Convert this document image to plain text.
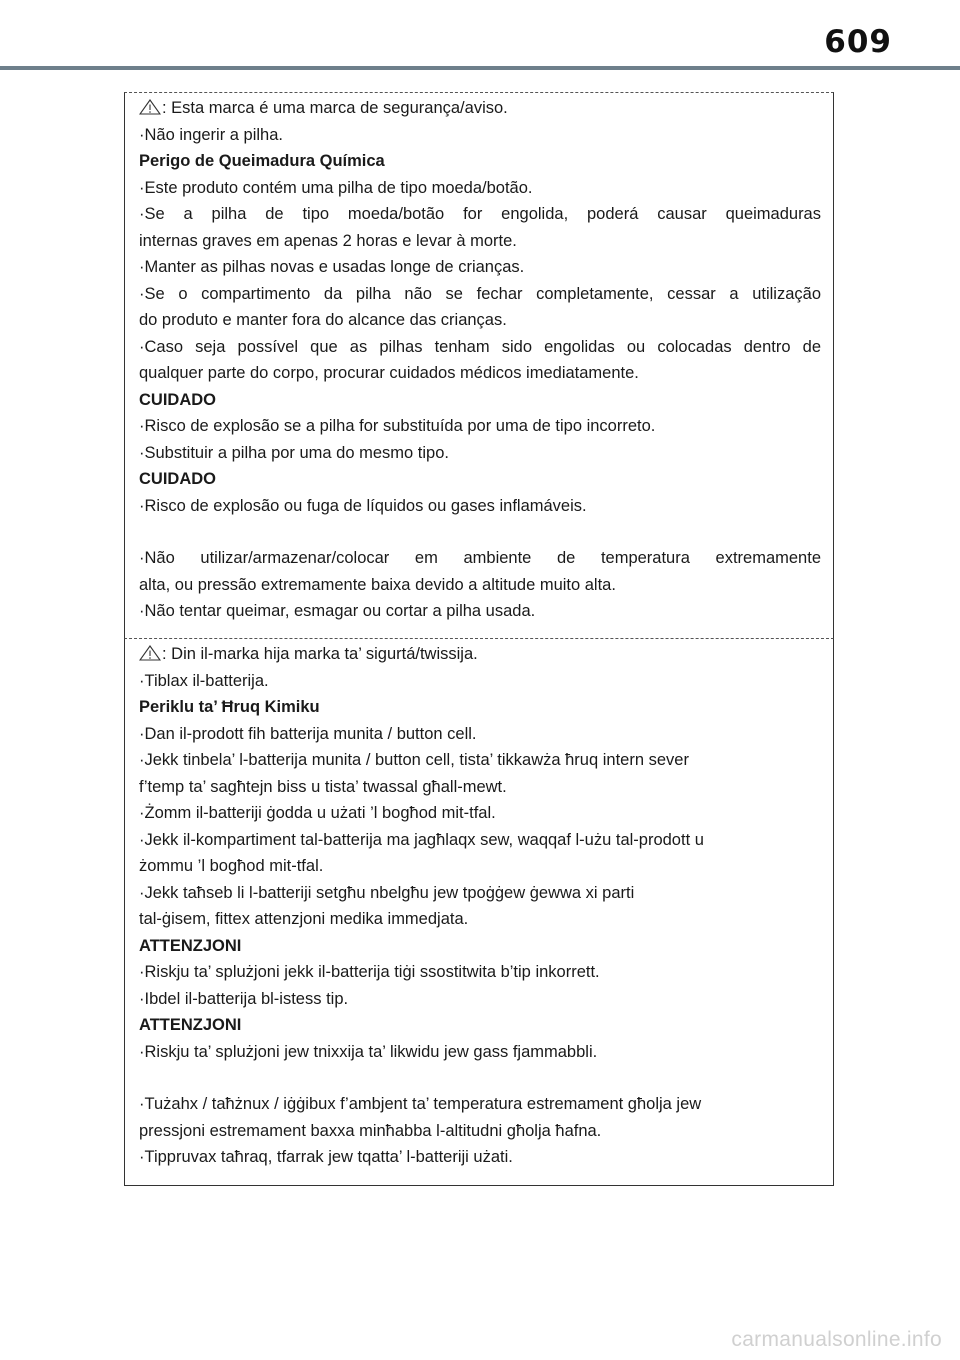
609
: Esta marca é uma marca de segurança/aviso.
·Não ingerir a pilha.
Perigo de Queimadura Química
·Este produto contém uma pilha de tipo moeda/botão.
·Se a pilha de tipo moeda/botão for engolida, poderá causar queimaduras
internas graves em apenas 2 horas e levar à morte.
·Manter as pilhas novas e usadas longe de crianças.
·Se o compartimento da pilha não se fechar completamente, cessar a utilização
do produto e manter fora do alcance das crianças.
·Caso seja possível que as pilhas tenham sido engolidas ou colocadas dentro de
qualquer parte do corpo, procurar cuidados médicos imediatamente.
CUIDADO
·Risco de explosão se a pilha for substituída por uma de tipo incorreto.
·Substituir a pilha por uma do mesmo tipo.
CUIDADO
·Risco de explosão ou fuga de líquidos ou gases inflamáveis.
·Não utilizar/armazenar/colocar em ambiente de temperatura extremamente
alta, ou pressão extremamente baixa devido a altitude muito alta.
·Não tentar queimar, esmagar ou cortar a pilha usada.
: Din il-marka hija marka ta’ sigurtá/twissija.
·Tiblax il-batterija.
Periklu ta’ Ħruq Kimiku
·Dan il-prodott fih batterija munita / button cell.
·Jekk tinbela’ l-batterija munita / button cell, tista’ tikkawża ħruq intern sever
f’temp ta’ sagħtejn biss u tista’ twassal għall-mewt.
·Żomm il-batteriji ġodda u użati ’l bogħod mit-tfal.
·Jekk il-kompartiment tal-batterija ma jagħlaqx sew, waqqaf l-użu tal-prodott u
żommu ’l bogħod mit-tfal.
·Jekk taħseb li l-batteriji setgħu nbelgħu jew tpoġġew ġewwa xi parti
tal-ġisem, fittex attenzjoni medika immedjata.
ATTENZJONI
·Riskju ta’ splużjoni jekk il-batterija tiġi ssostitwita b’tip inkorrett.
·Ibdel il-batterija bl-istess tip.
ATTENZJONI
·Riskju ta’ splużjoni jew tnixxija ta’ likwidu jew gass fjammabbli.
·Tużahx / taħżnux / iġġibux f’ambjent ta’ temperatura estremament għolja jew
pressjoni estremament baxxa minħabba l-altitudni għolja ħafna.
·Tippruvax taħraq, tfarrak jew tqatta’ l-batteriji użati.
carmanualsonline.info
